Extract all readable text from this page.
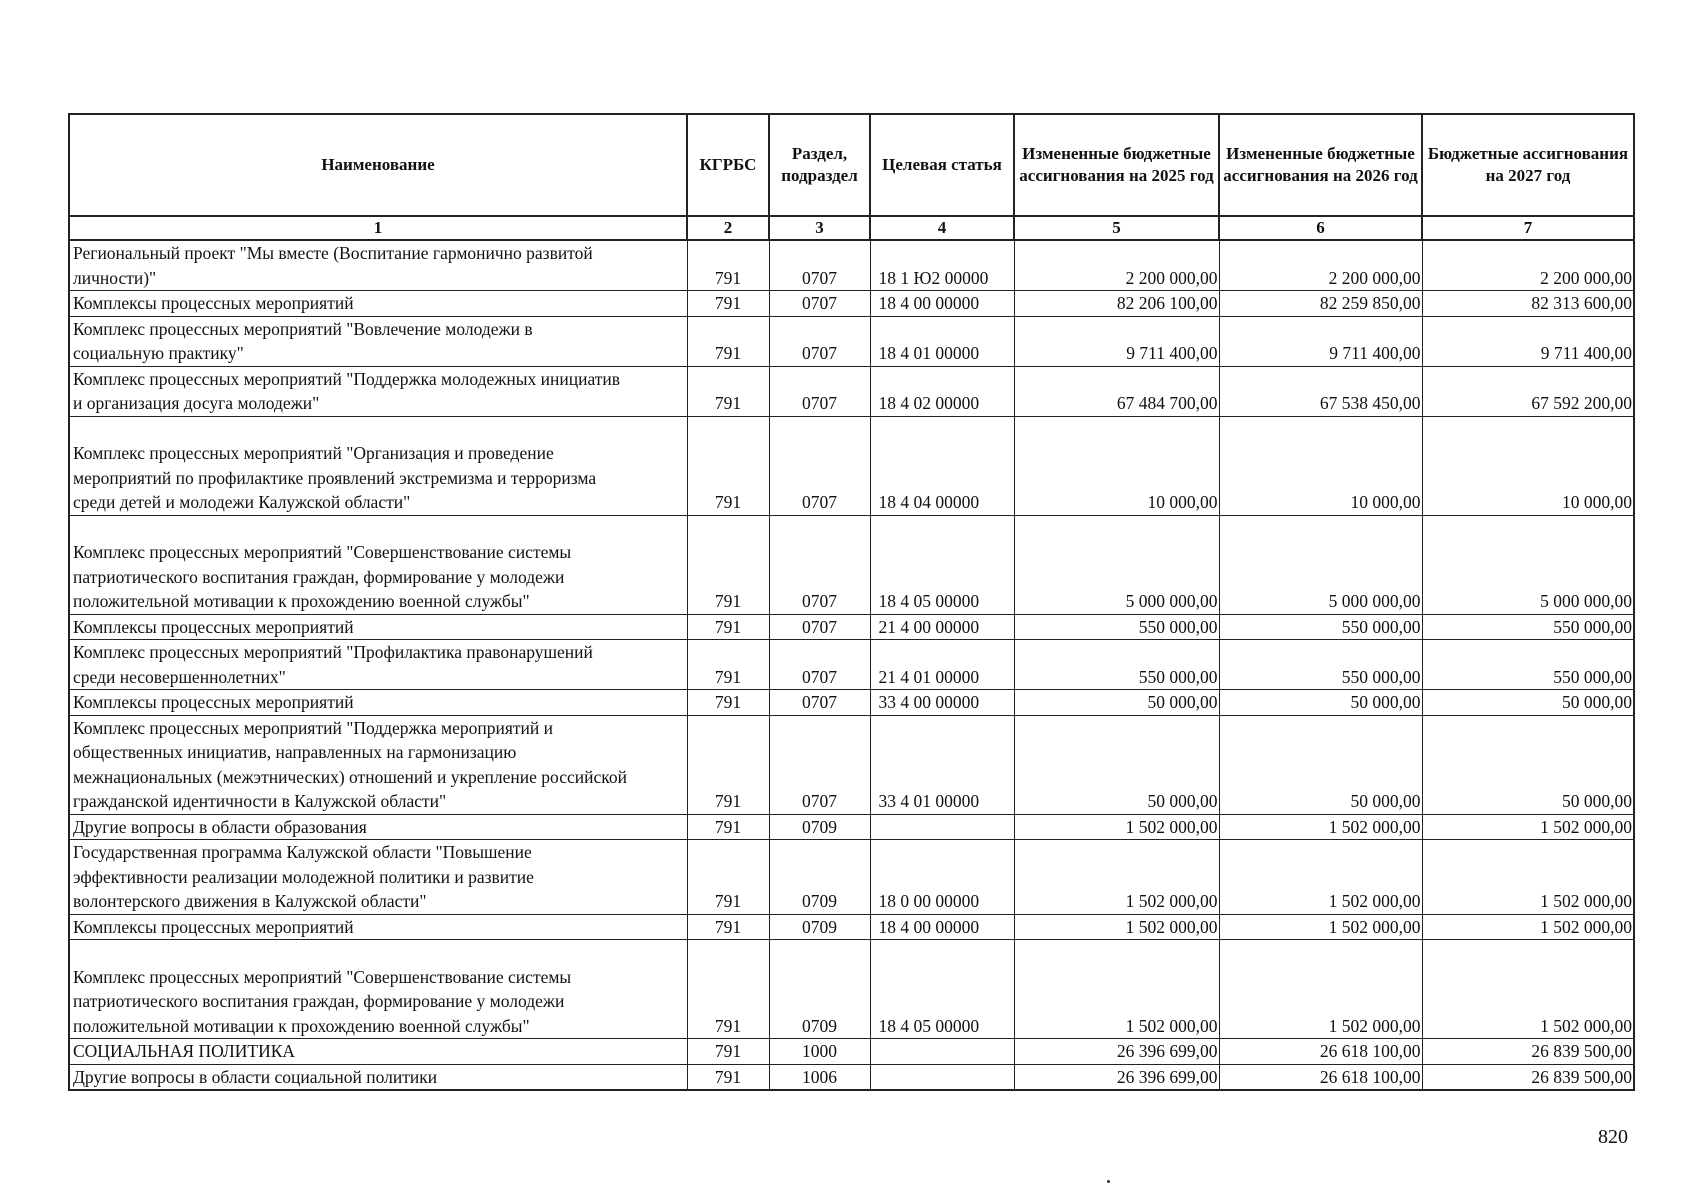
Наименование	КГРБС	Раздел, подраздел	Целевая статья	Измененные бюджетные ассигнования на 2025 год	Измененные бюджетные ассигнования на 2026 год	Бюджетные ассигнования на 2027 год
1	2	3	4	5	6	7
Региональный проект "Мы вместе (Воспитание гармонично развитой
личности)"	791	0707	18 1 Ю2 00000	2 200 000,00	2 200 000,00	2 200 000,00
Комплексы процессных мероприятий	791	0707	18 4 00 00000	82 206 100,00	82 259 850,00	82 313 600,00
Комплекс процессных мероприятий "Вовлечение молодежи в
социальную практику"	791	0707	18 4 01 00000	9 711 400,00	9 711 400,00	9 711 400,00
Комплекс процессных мероприятий "Поддержка молодежных инициатив
и организация досуга молодежи"	791	0707	18 4 02 00000	67 484 700,00	67 538 450,00	67 592 200,00

Комплекс процессных мероприятий "Организация и проведение
мероприятий по профилактике проявлений экстремизма и терроризма
среди детей и молодежи Калужской области"	791	0707	18 4 04 00000	10 000,00	10 000,00	10 000,00

Комплекс процессных мероприятий "Совершенствование системы
патриотического воспитания граждан, формирование у молодежи
положительной мотивации к прохождению военной службы"	791	0707	18 4 05 00000	5 000 000,00	5 000 000,00	5 000 000,00
Комплексы процессных мероприятий	791	0707	21 4 00 00000	550 000,00	550 000,00	550 000,00
Комплекс процессных мероприятий "Профилактика правонарушений
среди несовершеннолетних"	791	0707	21 4 01 00000	550 000,00	550 000,00	550 000,00
Комплексы процессных мероприятий	791	0707	33 4 00 00000	50 000,00	50 000,00	50 000,00
Комплекс процессных мероприятий "Поддержка мероприятий и
общественных инициатив, направленных на гармонизацию
межнациональных (межэтнических) отношений и укрепление российской
гражданской идентичности в Калужской области"	791	0707	33 4 01 00000	50 000,00	50 000,00	50 000,00
Другие вопросы в области образования	791	0709		1 502 000,00	1 502 000,00	1 502 000,00
Государственная программа Калужской области "Повышение
эффективности реализации молодежной политики и развитие
волонтерского движения в Калужской области"	791	0709	18 0 00 00000	1 502 000,00	1 502 000,00	1 502 000,00
Комплексы процессных мероприятий	791	0709	18 4 00 00000	1 502 000,00	1 502 000,00	1 502 000,00

Комплекс процессных мероприятий "Совершенствование системы
патриотического воспитания граждан, формирование у молодежи
положительной мотивации к прохождению военной службы"	791	0709	18 4 05 00000	1 502 000,00	1 502 000,00	1 502 000,00
СОЦИАЛЬНАЯ ПОЛИТИКА	791	1000		26 396 699,00	26 618 100,00	26 839 500,00
Другие вопросы в области социальной политики	791	1006		26 396 699,00	26 618 100,00	26 839 500,00
820
